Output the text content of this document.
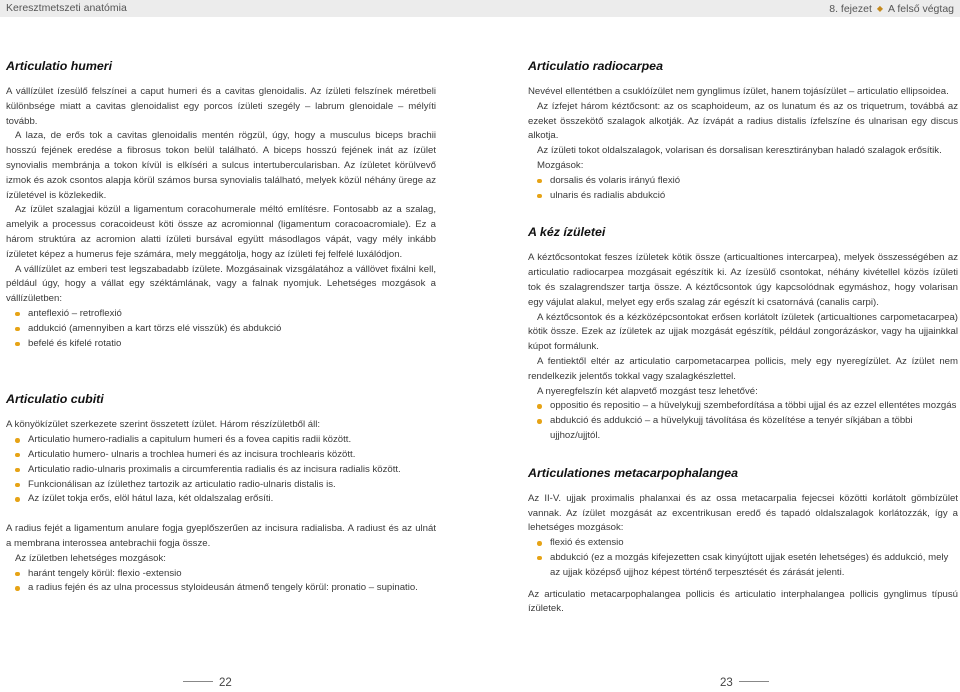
Keresztmetszeti anatómia	8. fejezet ◆ A felső végtag
Articulatio humeri

A vállízület ízesülő felszínei a caput humeri és a cavitas glenoidalis. Az ízületi felszínek méretbeli különbsége miatt a cavitas glenoidalist egy porcos ízületi szegély – labrum glenoidale – mélyíti tovább.

A laza, de erős tok a cavitas glenoidalis mentén rögzül, úgy, hogy a musculus biceps brachii hosszú fejének eredése a fibrosus tokon belül található. A biceps hosszú fejének inát az ízület synovialis membránja a tokon kívül is elkíséri a sulcus intertubercularisban. Az ízületet körülvevő izmok és azok csontos alapja körül számos bursa synovialis található, melyek közül néhány ürege az ízületével is közlekedik.

Az ízület szalagjai közül a ligamentum coracohumerale méltó említésre. Fontosabb az a szalag, amelyik a processus coracoideust köti össze az acromionnal (ligamentum coracoacromiale). Ez a három struktúra az acromion alatti ízületi bursával együtt másodlagos vápát, vagy mély inkább ízületet képez a humerus feje számára, mely meggátolja, hogy az ízületi fej felfelé luxálódjon.

A vállízület az emberi test legszabadabb ízülete. Mozgásainak vizsgálatához a vállövet fixálni kell, például úgy, hogy a vállat egy széktámlának, vagy a falnak nyomjuk. Lehetséges mozgások a vállízületben:

anteflexió – retroflexió
addukció (amennyiben a kart törzs elé visszük) és abdukció
befelé és kifelé rotatio
Articulatio cubiti

A könyökízület szerkezete szerint összetett ízület. Három részízületből áll:

Articulatio humero-radialis a capitulum humeri és a fovea capitis radii között.
Articulatio humero- ulnaris a trochlea humeri és az incisura trochlearis között.
Articulatio radio-ulnaris proximalis a circumferentia radialis és az incisura radialis között.
Funkcionálisan az ízülethez tartozik az articulatio radio-ulnaris distalis is.
Az ízület tokja erős, elöl hátul laza, két oldalszalag erősíti.

A radius fejét a ligamentum anulare fogja gyeplőszerűen az incisura radialisba. A radiust és az ulnát a membrana interossea antebrachii fogja össze.

Az ízületben lehetséges mozgások:

haránt tengely körül: flexio -extensio
a radius fején és az ulna processus styloideusán átmenő tengely körül: pronatio – supinatio.
Articulatio radiocarpea

Nevével ellentétben a csuklóízület nem gynglimus ízület, hanem tojásízület – articulatio ellipsoidea.

Az ízfejet három kéztőcsont: az os scaphoideum, az os lunatum és az os triquetrum, továbbá az ezeket összekötő szalagok alkotják. Az ízvápát a radius distalis ízfelszíne és ulnarisan egy discus alkotja.

Az ízületi tokot oldalszalagok, volarisan és dorsalisan keresztirányban haladó szalagok erősítik.

Mozgások:

dorsalis és volaris irányú flexió
ulnaris és radialis abdukció
A kéz ízületei

A kéztőcsontokat feszes ízületek kötik össze (articualtiones intercarpea), melyek összességében az articulatio radiocarpea mozgásait egészítik ki. Az ízesülő csontokat, néhány kivétellel közös ízületi tok és szalagrendszer tartja össze. A kéztőcsontok úgy kapcsolódnak egymáshoz, hogy volarisan egy vájulat alakul, melyet egy erős szalag zár egészít ki csatornává (canalis carpi).

A kéztőcsontok és a kézközépcsontokat erősen korlátolt ízületek (articualtiones carpometacarpea) kötik össze. Ezek az ízületek az ujjak mozgását egészítik, például zongorázáskor, vagy ha ujjainkkal kúpot formálunk.

A fentiektől eltér az articulatio carpometacarpea pollicis, mely egy nyeregízület. Az ízület nem rendelkezik jelentős tokkal vagy szalagkészlettel.

A nyeregfelszín két alapvető mozgást tesz lehetővé:

oppositio és repositio – a hüvelykujj szembefordítása a többi ujjal és az ezzel ellentétes mozgás
abdukció és addukció – a hüvelykujj távolítása és közelítése a tenyér síkjában a többi ujjhoz/ujjtól.
Articulationes metacarpophalangea

Az II-V. ujjak proximalis phalanxai és az ossa metacarpalia fejecsei közötti korlátolt gömbízület vannak. Az ízület mozgását az excentrikusan eredő és tapadó oldalszalagok korlátozzák, így a lehetséges mozgások:

flexió és extensio
abdukció (ez a mozgás kifejezetten csak kinyújtott ujjak esetén lehetséges) és addukció, mely az ujjak középső ujjhoz képest történő terpesztését és zárását jelenti.

Az articulatio metacarpophalangea pollicis és articulatio interphalangea pollicis gynglimus típusú ízületek.

22	23
